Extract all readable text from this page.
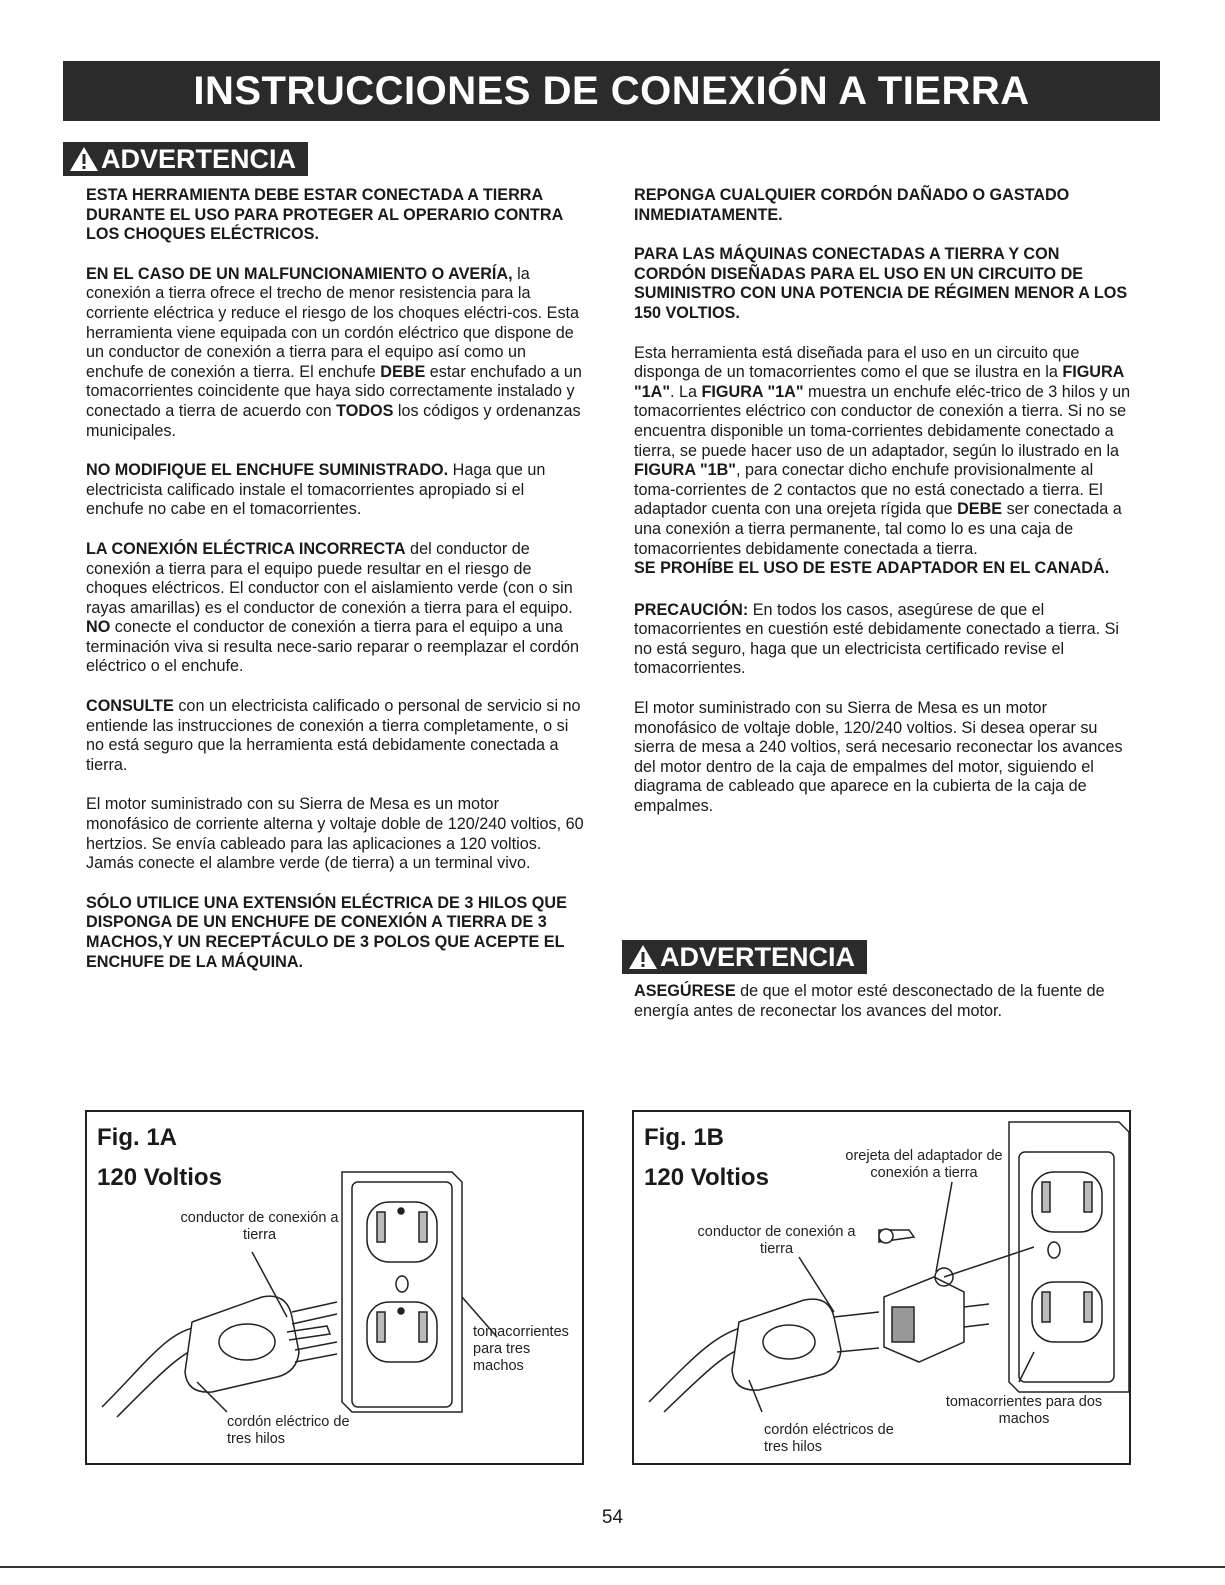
INSTRUCCIONES DE CONEXIÓN A TIERRA
ADVERTENCIA

ESTA HERRAMIENTA DEBE ESTAR CONECTADA A TIERRA DURANTE EL USO PARA PROTEGER AL OPERARIO CONTRA LOS CHOQUES ELÉCTRICOS.

EN EL CASO DE UN MALFUNCIONAMIENTO O AVERÍA, la conexión a tierra ofrece el trecho de menor resistencia para la corriente eléctrica y reduce el riesgo de los choques eléctri-cos. Esta herramienta viene equipada con un cordón eléctrico que dispone de un conductor de conexión a tierra para el equipo así como un enchufe de conexión a tierra. El enchufe DEBE estar enchufado a un tomacorrientes coincidente que haya sido correctamente instalado y conectado a tierra de acuerdo con TODOS los códigos y ordenanzas municipales.

NO MODIFIQUE EL ENCHUFE SUMINISTRADO. Haga que un electricista calificado instale el tomacorrientes apropiado si el enchufe no cabe en el tomacorrientes.

LA CONEXIÓN ELÉCTRICA INCORRECTA del conductor de conexión a tierra para el equipo puede resultar en el riesgo de choques eléctricos. El conductor con el aislamiento verde (con o sin rayas amarillas) es el conductor de conexión a tierra para el equipo. NO conecte el conductor de conexión a tierra para el equipo a una terminación viva si resulta nece-sario reparar o reemplazar el cordón eléctrico o el enchufe.

CONSULTE con un electricista calificado o personal de servicio si no entiende las instrucciones de conexión a tierra completamente, o si no está seguro que la herramienta está debidamente conectada a tierra.

El motor suministrado con su Sierra de Mesa es un motor monofásico de corriente alterna y voltaje doble de 120/240 voltios, 60 hertzios. Se envía cableado para las aplicaciones a 120 voltios. Jamás conecte el alambre verde (de tierra) a un terminal vivo.

SÓLO UTILICE UNA EXTENSIÓN ELÉCTRICA DE 3 HILOS QUE DISPONGA DE UN ENCHUFE DE CONEXIÓN A TIERRA DE 3 MACHOS,Y UN RECEPTÁCULO DE 3 POLOS QUE ACEPTE EL ENCHUFE DE LA MÁQUINA.

REPONGA CUALQUIER CORDÓN DAÑADO O GASTADO INMEDIATAMENTE.

PARA LAS MÁQUINAS CONECTADAS A TIERRA Y CON CORDÓN DISEÑADAS PARA EL USO EN UN CIRCUITO DE SUMINISTRO CON UNA POTENCIA DE RÉGIMEN MENOR A LOS 150 VOLTIOS.

Esta herramienta está diseñada para el uso en un circuito que disponga de un tomacorrientes como el que se ilustra en la FIGURA "1A". La FIGURA "1A" muestra un enchufe eléc-trico de 3 hilos y un tomacorrientes eléctrico con conductor de conexión a tierra. Si no se encuentra disponible un toma-corrientes debidamente conectado a tierra, se puede hacer uso de un adaptador, según lo ilustrado en la FIGURA "1B", para conectar dicho enchufe provisionalmente al toma-corrientes de 2 contactos que no está conectado a tierra. El adaptador cuenta con una orejeta rígida que DEBE ser conectada a una conexión a tierra permanente, tal como lo es una caja de tomacorrientes debidamente conectada a tierra.
SE PROHÍBE EL USO DE ESTE ADAPTADOR EN EL CANADÁ.

PRECAUCIÓN: En todos los casos, asegúrese de que el tomacorrientes en cuestión esté debidamente conectado a tierra. Si no está seguro, haga que un electricista certificado revise el tomacorrientes.

El motor suministrado con su Sierra de Mesa es un motor monofásico de voltaje doble, 120/240 voltios. Si desea operar su sierra de mesa a 240 voltios, será necesario reconectar los avances del motor dentro de la caja de empalmes del motor, siguiendo el diagrama de cableado que aparece en la cubierta de la caja de empalmes.

ADVERTENCIA

ASEGÚRESE de que el motor esté desconectado de la fuente de energía antes de reconectar los avances del motor.

Fig. 1A
120 Voltios
conductor de conexión a tierra
tomacorrientes para tres machos
cordón eléctrico de tres hilos
Fig. 1B
120 Voltios
orejeta del adaptador de conexión a tierra
conductor de conexión a tierra
tomacorrientes para dos machos
cordón eléctricos de tres hilos
54
